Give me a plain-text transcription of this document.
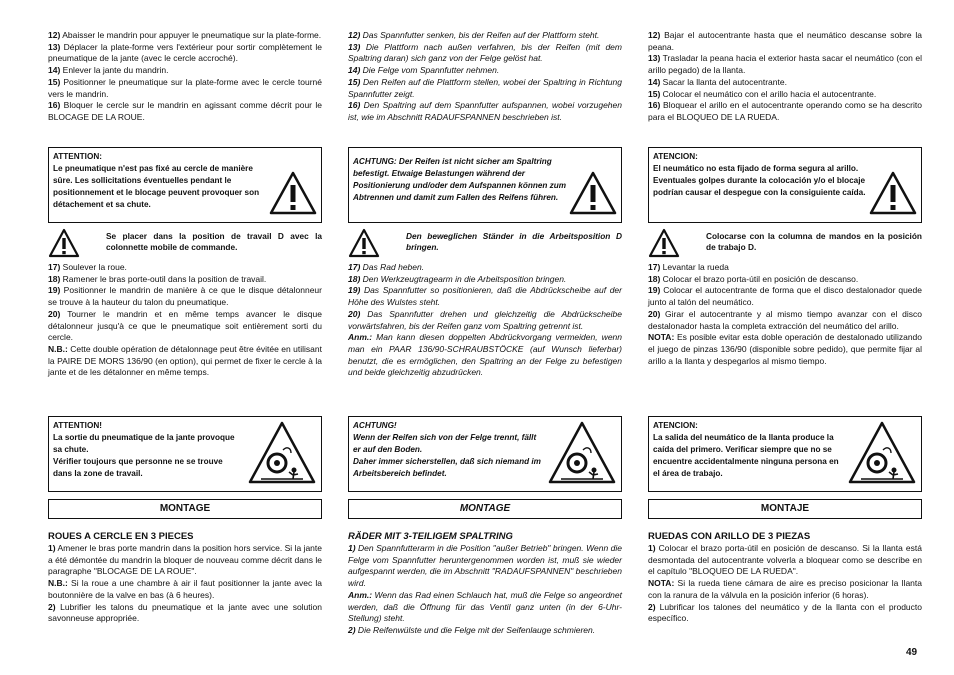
12) Abaisser le mandrin pour appuyer le pneumatique sur la plate-forme.

13) Déplacer la plate-forme vers l'extérieur pour sortir complètement le pneumatique de la jante (avec le cercle accroché).

14) Enlever la jante du mandrin.

15) Positionner le pneumatique sur la plate-forme avec le cercle tourné vers le mandrin.

16) Bloquer le cercle sur le mandrin en agissant comme décrit pour le BLOCAGE DE LA ROUE.

ATTENTION:
Le pneumatique n'est pas fixé au cercle de manière sûre. Les sollicitations éventuelles pendant le positionnement et le blocage peuvent provoquer son détachement et sa chute.
Se placer dans la position de travail D avec la colonnette mobile de commande.

17) Soulever la roue.

18) Ramener le bras porte-outil dans la position de travail.

19) Positionner le mandrin de manière à ce que le disque détalonneur se trouve à la hauteur du talon du pneumatique.

20) Tourner le mandrin et en même temps avancer le disque détalonneur jusqu'à ce que le pneumatique soit entièrement sorti du cercle.

N.B.: Cette double opération de détalonnage peut être évitée en utilisant la PAIRE DE MORS 136/90 (en option), qui permet de fixer le cercle à la jante et de les détalonner en même temps.

ATTENTION!
La sortie du pneumatique de la jante provoque sa chute.
Vérifier toujours que personne ne se trouve dans la zone de travail.
MONTAGE
ROUES A CERCLE EN 3 PIECES

1) Amener le bras porte mandrin dans la position hors service. Si la jante a été démontée du mandrin la bloquer de nouveau comme décrit dans le paragraphe "BLOCAGE DE LA ROUE".

N.B.: Si la roue a une chambre à air il faut positionner la jante avec la boutonnière de la valve en bas (à 6 heures).

2) Lubrifier les talons du pneumatique et la jante avec une solution savonneuse appropriée.

12) Das Spannfutter senken, bis der Reifen auf der Plattform steht.

13) Die Plattform nach außen verfahren, bis der Reifen (mit dem Spaltring daran) sich ganz von der Felge gelöst hat.

14) Die Felge vom Spannfutter nehmen.

15) Den Reifen auf die Plattform stellen, wobei der Spaltring in Richtung Spannfutter zeigt.

16) Den Spaltring auf dem Spannfutter aufspannen, wobei vorzugehen ist, wie im Abschnitt RADAUFSPANNEN beschrieben ist.

ACHTUNG: Der Reifen ist nicht sicher am Spaltring befestigt. Etwaige Belastungen während der Positionierung und/oder dem Aufspannen können zum Abtrennen und damit zum Fallen des Reifens führen.
Den beweglichen Ständer in die Arbeitsposition D bringen.

17) Das Rad heben.

18) Den Werkzeugtragearm in die Arbeitsposition bringen.

19) Das Spannfutter so positionieren, daß die Abdrückscheibe auf der Höhe des Wulstes steht.

20) Das Spannfutter drehen und gleichzeitig die Abdrückscheibe vorwärtsfahren, bis der Reifen ganz vom Spaltring getrennt ist.

Anm.: Man kann diesen doppelten Abdrückvorgang vermeiden, wenn man ein PAAR 136/90-SCHRAUBSTÖCKE (auf Wunsch lieferbar) benutzt, die es ermöglichen, den Spaltring an der Felge zu befestigen und beide gleichzeitig abzudrücken.

ACHTUNG!
Wenn der Reifen sich von der Felge trennt, fällt er auf den Boden.
Daher immer sicherstellen, daß sich niemand im Arbeitsbereich befindet.
MONTAGE
RÄDER MIT 3-TEILIGEM SPALTRING

1) Den Spannfutterarm in die Position "außer Betrieb" bringen. Wenn die Felge vom Spannfutter heruntergenommen worden ist, muß sie wieder aufgespannt werden, die im Abschnitt "RADAUFSPANNEN" beschrieben wird.

Anm.: Wenn das Rad einen Schlauch hat, muß die Felge so angeordnet werden, daß die Öffnung für das Ventil ganz unten (in der 6-Uhr-Stellung) steht.

2) Die Reifenwülste und die Felge mit der Seifenlauge schmieren.

12) Bajar el autocentrante hasta que el neumático descanse sobre la peana.

13) Trasladar la peana hacia el exterior hasta sacar el neumático (con el arillo pegado) de la llanta.

14) Sacar la llanta del autocentrante.

15) Colocar el neumático con el arillo hacia el autocentrante.

16) Bloquear el arillo en el autocentrante operando como se ha descrito para el BLOQUEO DE LA RUEDA.

ATENCION:
El neumático no esta fijado de forma segura al arillo. Eventuales golpes durante la colocación y/o el blocaje podrían causar el despegue con la consiguiente caída.
Colocarse con la columna de mandos en la posición de trabajo D.

17) Levantar la rueda

18) Colocar el brazo porta-útil en posición de descanso.

19) Colocar el autocentrante de forma que el disco destalonador quede junto al talón del neumático.

20) Girar el autocentrante y al mismo tiempo avanzar con el disco destalonador hasta la completa extracción del neumático del arillo.

NOTA: Es posible evitar esta doble operación de destalonado utilizando el juego de pinzas 136/90 (disponible sobre pedido), que permite fijar al arillo a la llanta y despegarlos al mismo tiempo.

ATENCION:
La salida del neumático de la llanta produce la caída del primero. Verificar siempre que no se encuentre accidentalmente ninguna persona en el área de trabajo.
MONTAJE
RUEDAS CON ARILLO DE 3 PIEZAS

1) Colocar el brazo porta-útil en posición de descanso. Si la llanta está desmontada del autocentrante volverla a bloquear como se describe en el capítulo "BLOQUEO DE LA RUEDA".

NOTA: Si la rueda tiene cámara de aire es preciso posicionar la llanta con la ranura de la válvula en la posición inferior (6 horas).

2) Lubrificar los talones del neumático y de la llanta con el producto específico.

49
